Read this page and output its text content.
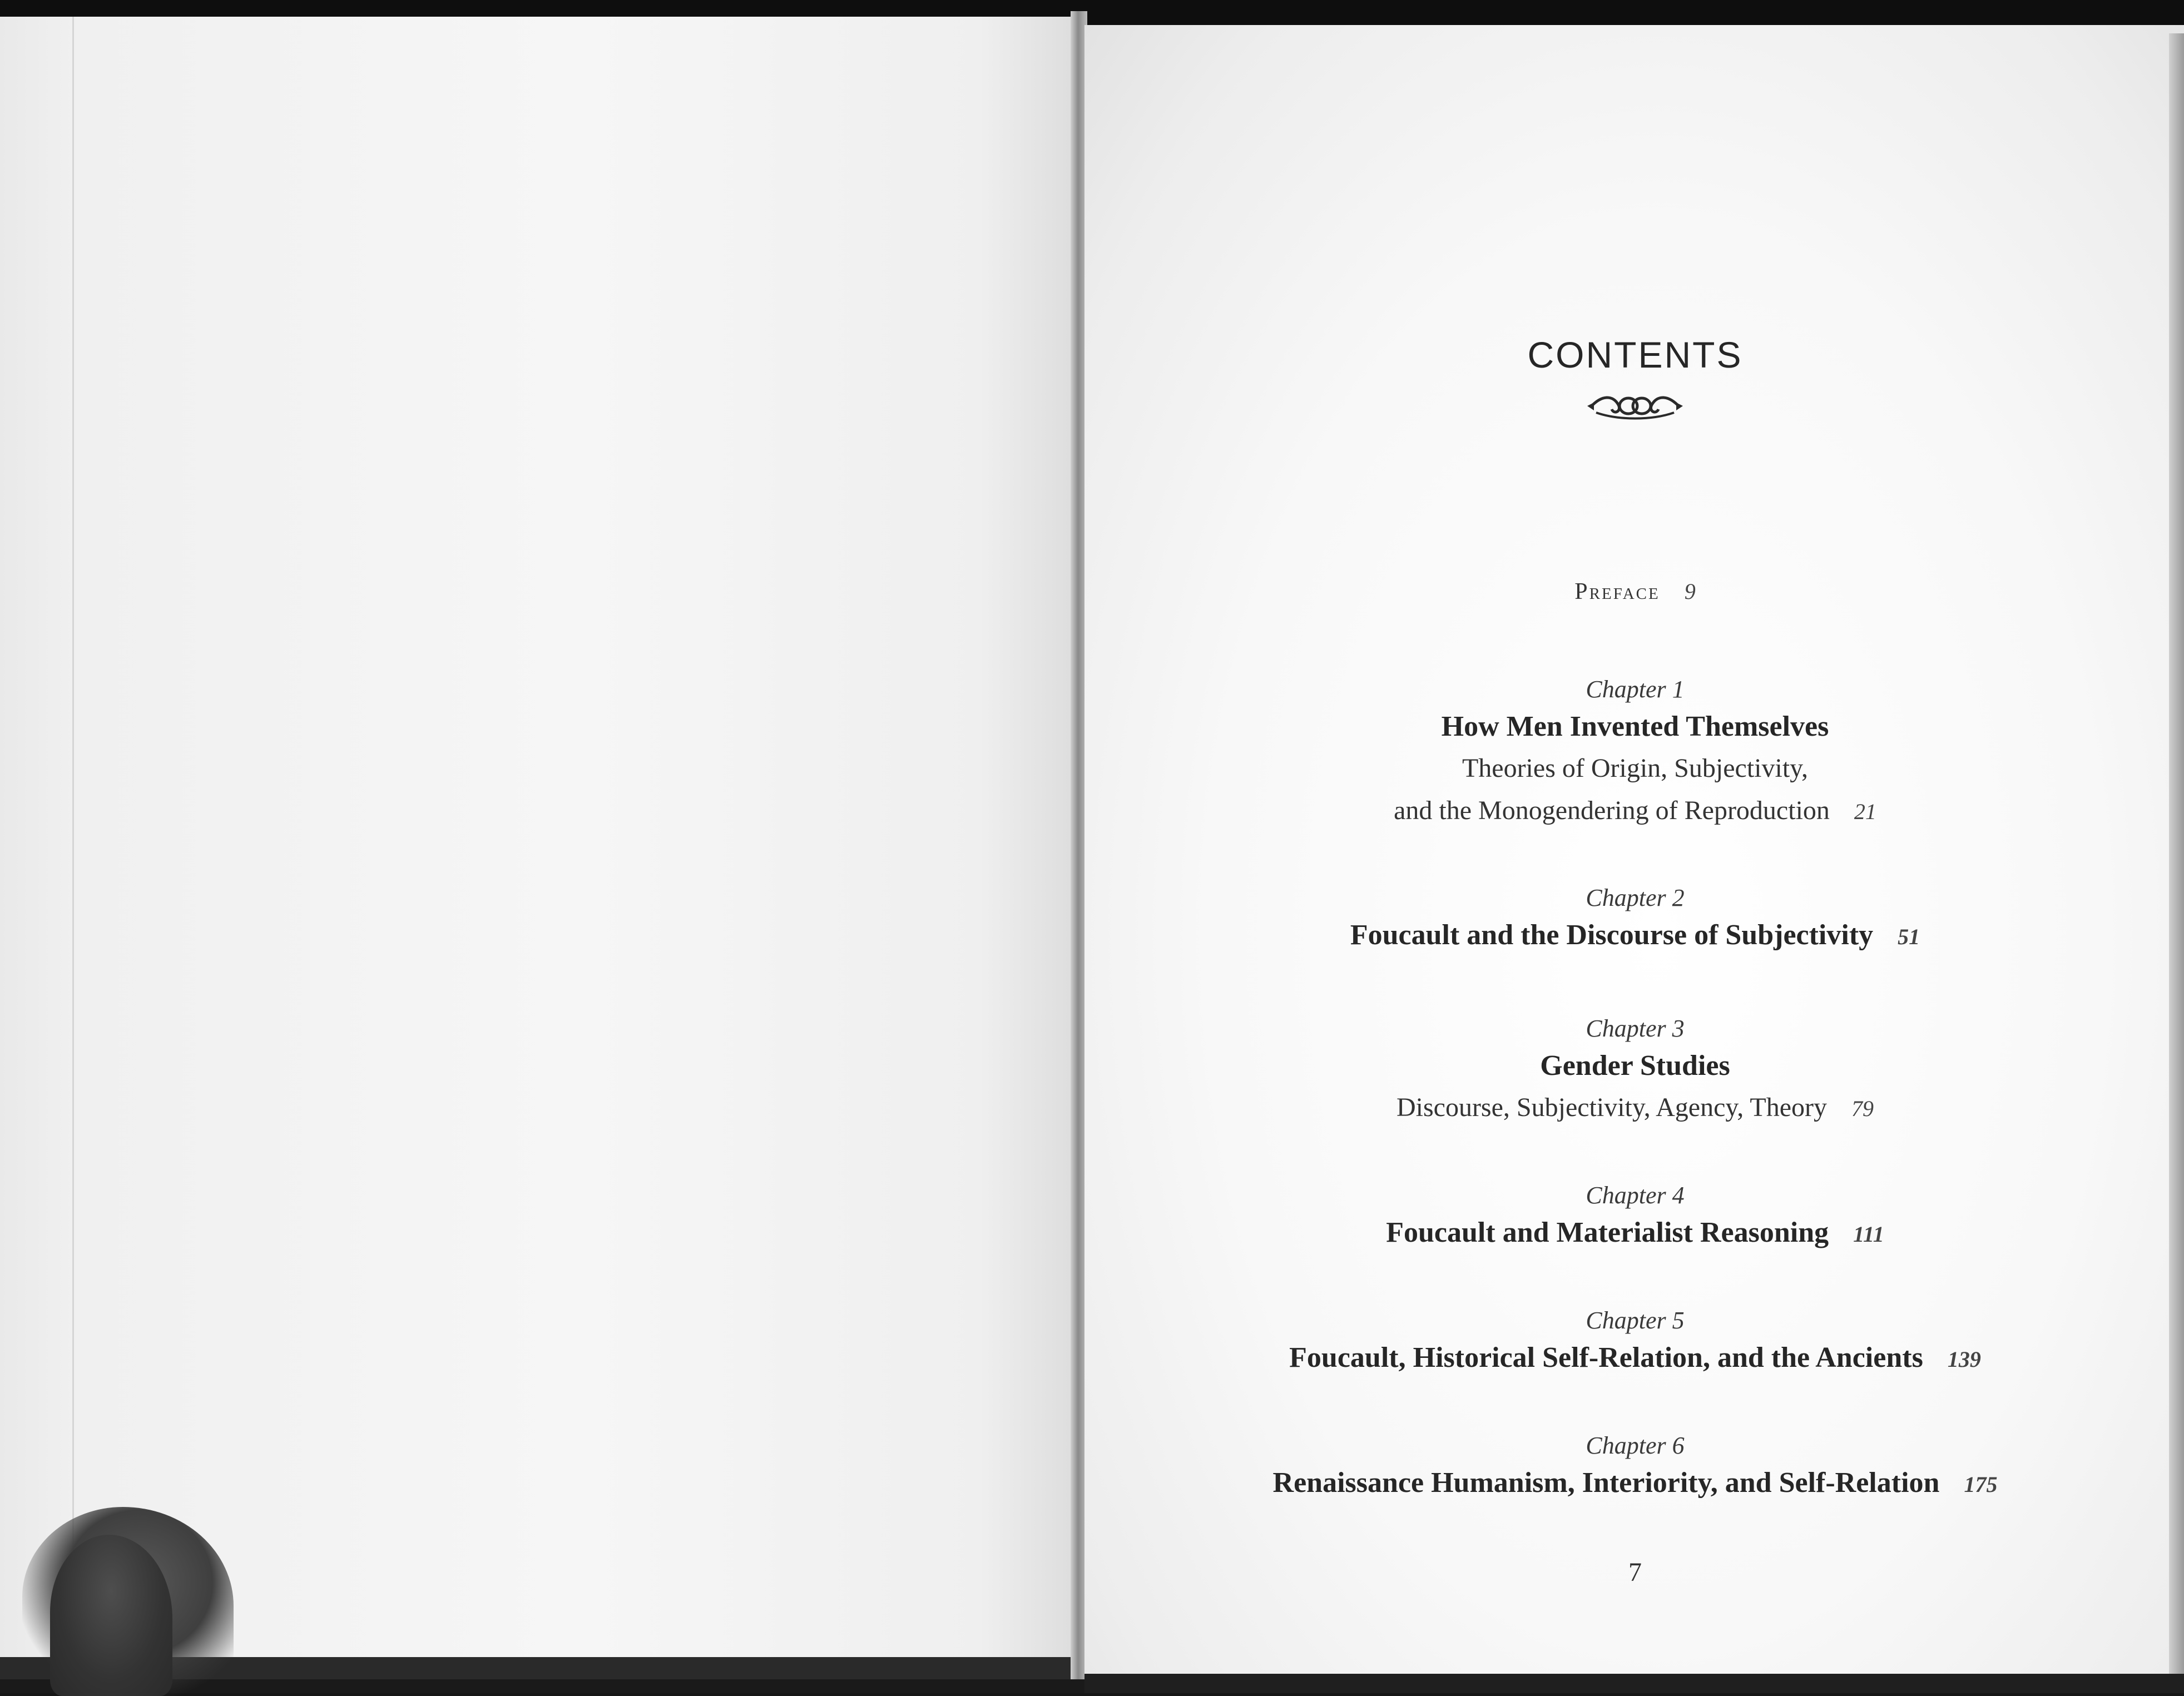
CONTENTS
Preface 9
Chapter 1
How Men Invented Themselves
Theories of Origin, Subjectivity,
and the Monogendering of Reproduction 21
Chapter 2
Foucault and the Discourse of Subjectivity 51
Chapter 3
Gender Studies
Discourse, Subjectivity, Agency, Theory 79
Chapter 4
Foucault and Materialist Reasoning 111
Chapter 5
Foucault, Historical Self-Relation, and the Ancients 139
Chapter 6
Renaissance Humanism, Interiority, and Self-Relation 175
7
